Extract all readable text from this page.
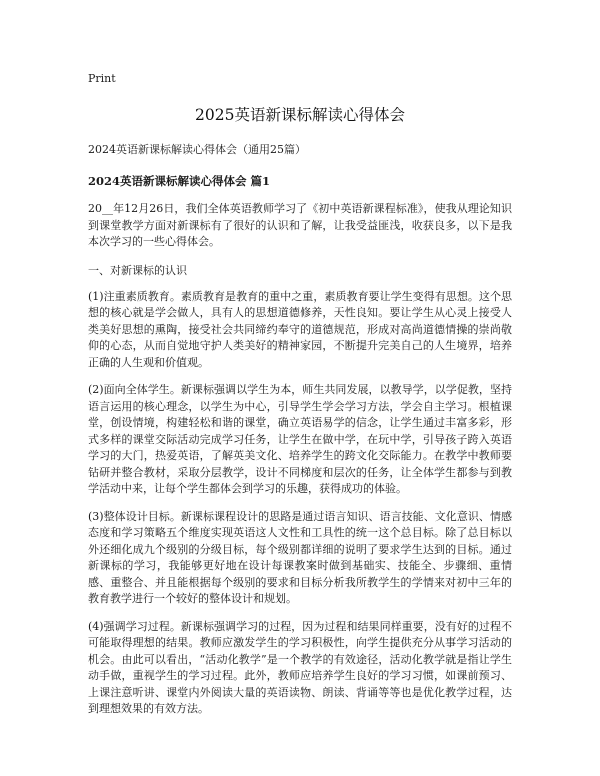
Print
2025英语新课标解读心得体会
2024英语新课标解读心得体会（通用25篇）
2024英语新课标解读心得体会 篇1

20__年12月26日，我们全体英语教师学习了《初中英语新课程标准》，使我从理论知识到课堂教学方面对新课标有了很好的认识和了解，让我受益匪浅，收获良多，以下是我本次学习的一些心得体会。

一、对新课标的认识

(1)注重素质教育。素质教育是教育的重中之重，素质教育要让学生变得有思想。这个思想的核心就是学会做人，具有人的思想道德修养，天性良知。要让学生从心灵上接受人类美好思想的熏陶，接受社会共同缔约奉守的道德规范，形成对高尚道德情操的崇尚敬仰的心态，从而自觉地守护人类美好的精神家园，不断提升完美自己的人生境界，培养正确的人生观和价值观。

(2)面向全体学生。新课标强调以学生为本，师生共同发展，以教导学，以学促教，坚持语言运用的核心理念，以学生为中心，引导学生学会学习方法，学会自主学习。根植课堂，创设情境，构建轻松和谐的课堂，确立英语易学的信念，让学生通过丰富多彩，形式多样的课堂交际活动完成学习任务，让学生在做中学，在玩中学，引导孩子跨入英语学习的大门，热爱英语，了解英美文化、培养学生的跨文化交际能力。在教学中教师要钻研并整合教材，采取分层教学，设计不同梯度和层次的任务，让全体学生都参与到教学活动中来，让每个学生都体会到学习的乐趣，获得成功的体验。

(3)整体设计目标。新课标课程设计的思路是通过语言知识、语言技能、文化意识、情感态度和学习策略五个维度实现英语这人文性和工具性的统一这个总目标。除了总目标以外还细化成九个级别的分级目标，每个级别都详细的说明了要求学生达到的目标。通过新课标的学习，我能够更好地在设计每课教案时做到基础实、技能全、步骤细、重情感、重整合、并且能根据每个级别的要求和目标分析我所教学生的学情来对初中三年的教育教学进行一个较好的整体设计和规划。

(4)强调学习过程。新课标强调学习的过程，因为过程和结果同样重要，没有好的过程不可能取得理想的结果。教师应激发学生的学习积极性，向学生提供充分从事学习活动的机会。由此可以看出，“活动化教学”是一个教学的有效途径，活动化教学就是指让学生动手做，重视学生的学习过程。此外，教师应培养学生良好的学习习惯，如课前预习、上课注意听讲、课堂内外阅读大量的英语读物、朗读、背诵等等也是优化教学过程，达到理想效果的有效方法。
